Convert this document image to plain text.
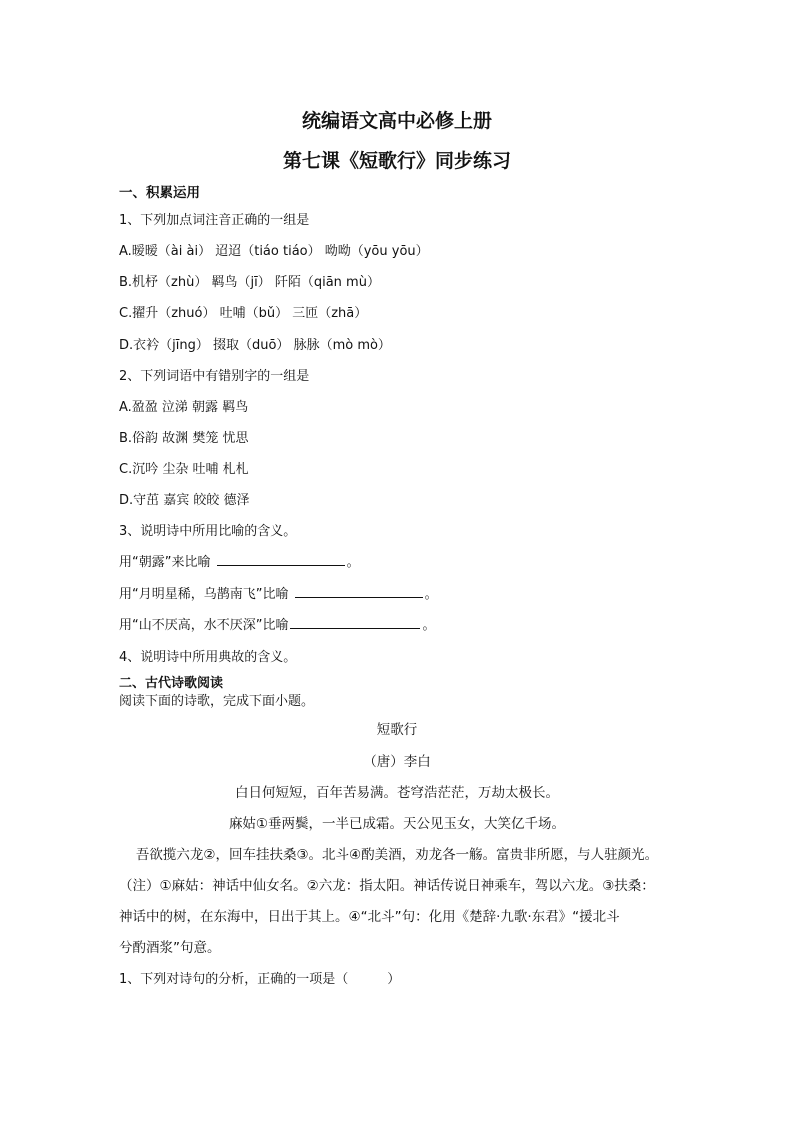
统编语文高中必修上册
第七课《短歌行》同步练习
一、积累运用
1、下列加点词注音正确的一组是
A.暧暧（ài ài） 迢迢（tiáo tiáo） 呦呦（yōu yōu）
B.机杼（zhù） 羁鸟（jī） 阡陌（qiān mù）
C.擢升（zhuó） 吐哺（bǔ） 三匝（zhā）
D.衣衿（jīng） 掇取（duō） 脉脉（mò mò）
2、下列词语中有错别字的一组是
A.盈盈 泣涕 朝露 羁鸟
B.俗韵 故渊 樊笼 忧思
C.沉吟 尘杂 吐哺 札札
D.守茁 嘉宾 皎皎 德泽
3、说明诗中所用比喻的含义。
用“朝露”来比喻	。
用“月明星稀，乌鹊南飞”比喻	。
用“山不厌高，水不厌深”比喻	。
4、说明诗中所用典故的含义。
二、古代诗歌阅读
阅读下面的诗歌，完成下面小题。
短歌行
（唐）李白
白日何短短，百年苦易满。苍穹浩茫茫，万劫太极长。
麻姑①垂两鬓，一半已成霜。天公见玉女，大笑亿千场。
吾欲揽六龙②，回车挂扶桑③。北斗④酌美酒，劝龙各一觞。富贵非所愿，与人驻颜光。
（注）①麻姑：神话中仙女名。②六龙：指太阳。神话传说日神乘车，驾以六龙。③扶桑：
神话中的树，在东海中，日出于其上。④“北斗”句：化用《楚辞·九歌·东君》“援北斗
兮酌酒浆”句意。
1、下列对诗句的分析，正确的一项是（　　　）
